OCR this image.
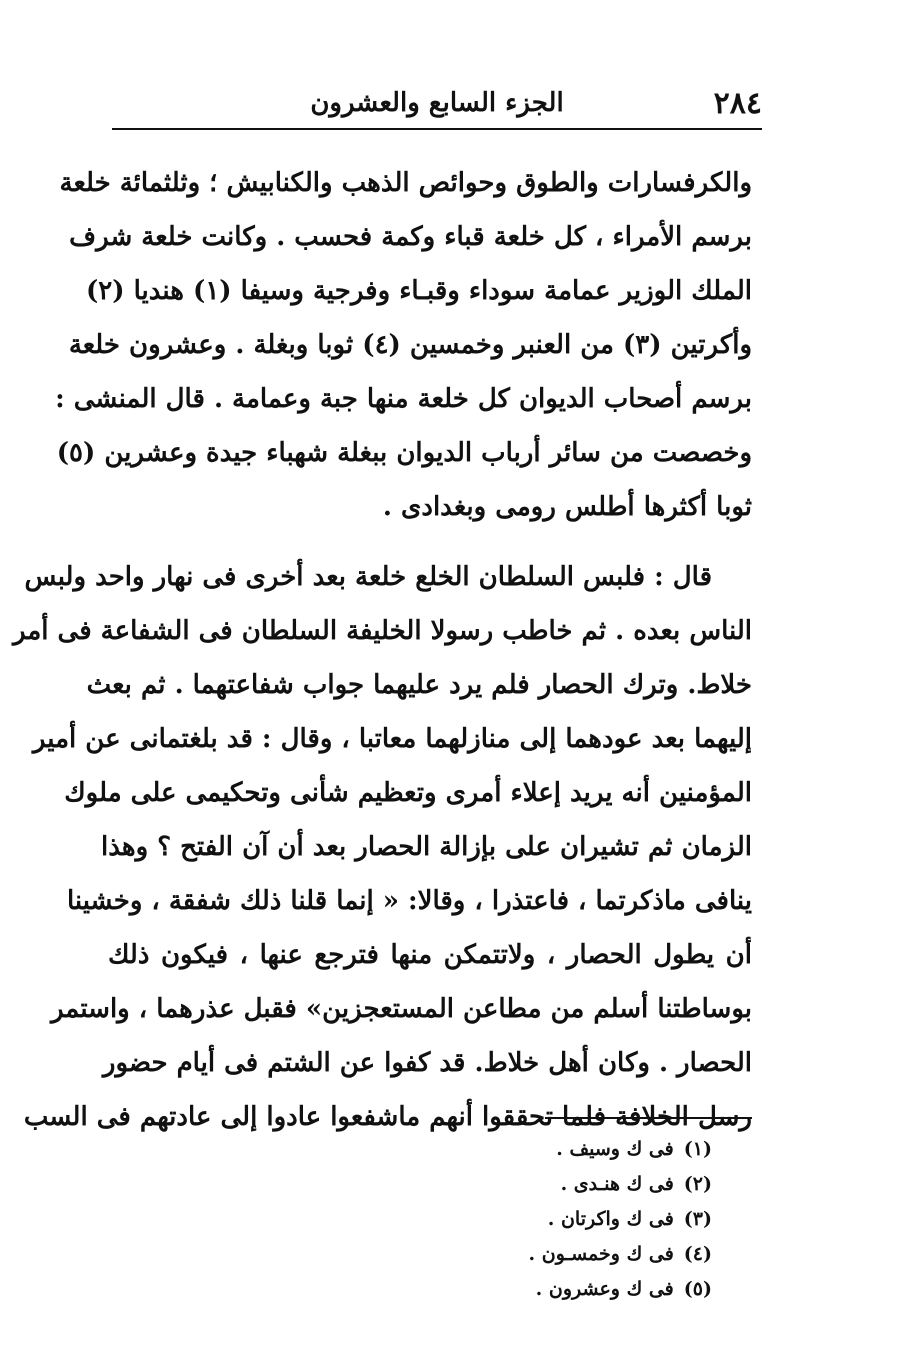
٢٨٤
الجزء السابع والعشرون
والكرفسارات والطوق وحوائص الذهب والكنابيش ؛ وثلثمائة خلعة
برسم الأمراء ، كل خلعة قباء وكمة فحسب . وكانت خلعة شرف
الملك الوزير عمامة سوداء وقبـاء وفرجية وسيفا (١) هنديا (٢)
وأكرتين (٣) من العنبر وخمسين (٤) ثوبا وبغلة . وعشرون خلعة
برسم أصحاب الديوان كل خلعة منها جبة وعمامة . قال المنشى :
وخصصت من سائر أرباب الديوان ببغلة شهباء جيدة وعشرين (٥)
ثوبا أكثرها أطلس رومى وبغدادى .
قال : فلبس السلطان الخلع خلعة بعد أخرى فى نهار واحد ولبس
الناس بعده . ثم خاطب رسولا الخليفة السلطان فى الشفاعة فى أمر
خلاط. وترك الحصار فلم يرد عليهما جواب شفاعتهما . ثم بعث
إليهما بعد عودهما إلى منازلهما معاتبا ، وقال : قد بلغتمانى عن أمير
المؤمنين أنه يريد إعلاء أمرى وتعظيم شأنى وتحكيمى على ملوك
الزمان ثم تشيران على بإزالة الحصار بعد أن آن الفتح ؟ وهذا
ينافى ماذكرتما ، فاعتذرا ، وقالا: « إنما قلنا ذلك شفقة ، وخشينا
أن يطول الحصار ، ولاتتمكن منها فترجع عنها ، فيكون ذلك
بوساطتنا أسلم من مطاعن المستعجزين» فقبل عذرهما ، واستمر
الحصار . وكان أهل خلاط. قد كفوا عن الشتم فى أيام حضور
رسل الخلافة فلما تحققوا أنهم ماشفعوا عادوا إلى عادتهم فى السب
(١)فى ك وسيف .
(٢)فى ك هنـدى .
(٣)فى ك واكرتان .
(٤)فى ك وخمسـون .
(٥)فى ك وعشرون .
